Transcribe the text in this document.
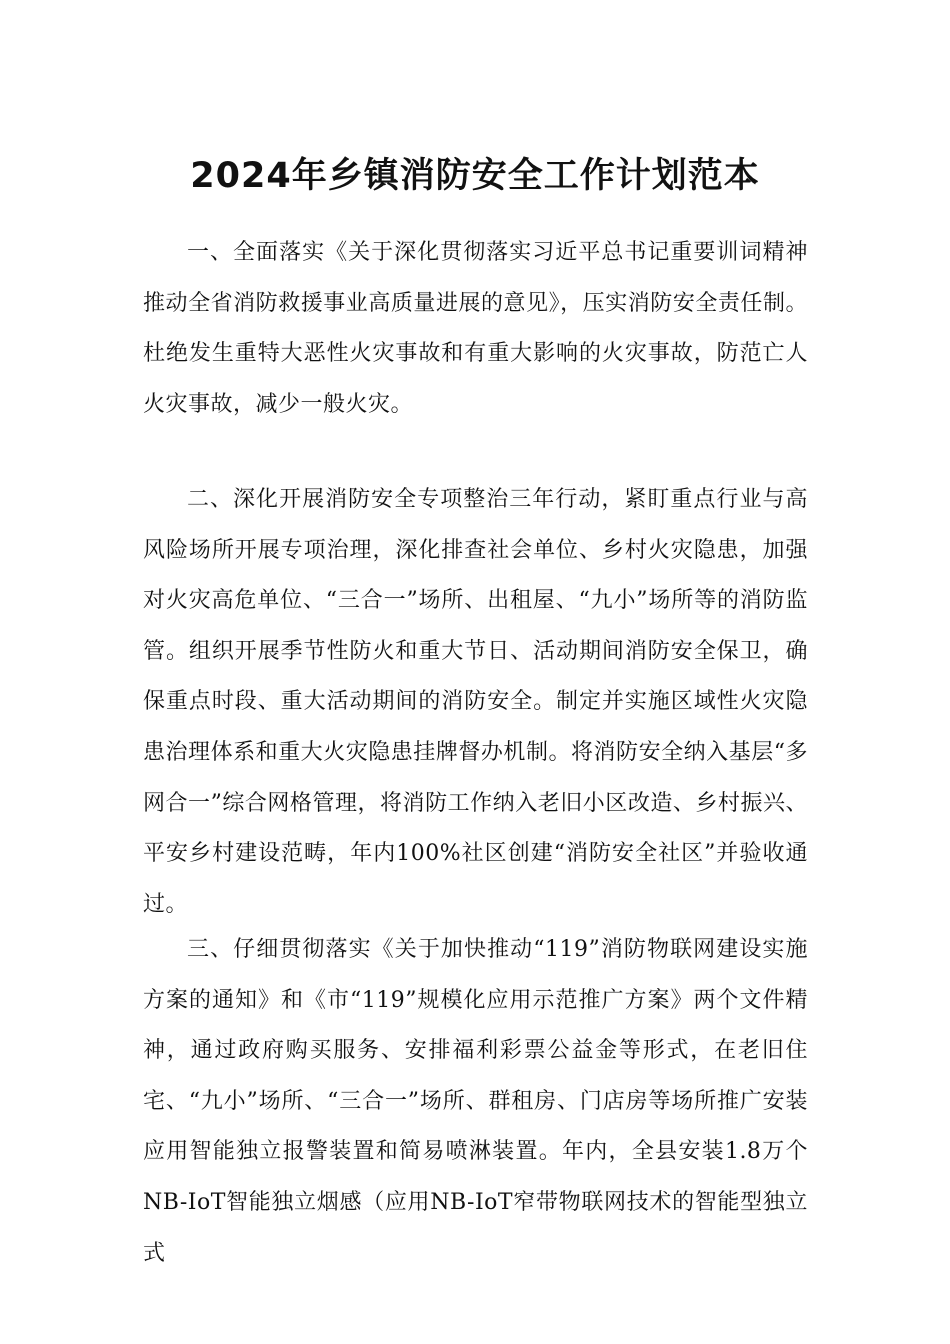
2024年乡镇消防安全工作计划范本

一、全面落实《关于深化贯彻落实习近平总书记重要训词精神推动全省消防救援事业高质量进展的意见》，压实消防安全责任制。杜绝发生重特大恶性火灾事故和有重大影响的火灾事故，防范亡人火灾事故，减少一般火灾。

二、深化开展消防安全专项整治三年行动，紧盯重点行业与高风险场所开展专项治理，深化排查社会单位、乡村火灾隐患，加强对火灾高危单位、“三合一”场所、出租屋、“九小”场所等的消防监管。组织开展季节性防火和重大节日、活动期间消防安全保卫，确保重点时段、重大活动期间的消防安全。制定并实施区域性火灾隐患治理体系和重大火灾隐患挂牌督办机制。将消防安全纳入基层“多网合一”综合网格管理，将消防工作纳入老旧小区改造、乡村振兴、平安乡村建设范畴，年内100%社区创建“消防安全社区”并验收通过。

三、仔细贯彻落实《关于加快推动“119”消防物联网建设实施方案的通知》和《市“119”规模化应用示范推广方案》两个文件精神，通过政府购买服务、安排福利彩票公益金等形式，在老旧住宅、“九小”场所、“三合一”场所、群租房、门店房等场所推广安装应用智能独立报警装置和简易喷淋装置。年内，全县安装1.8万个NB-IoT智能独立烟感（应用NB-IoT窄带物联网技术的智能型独立式
